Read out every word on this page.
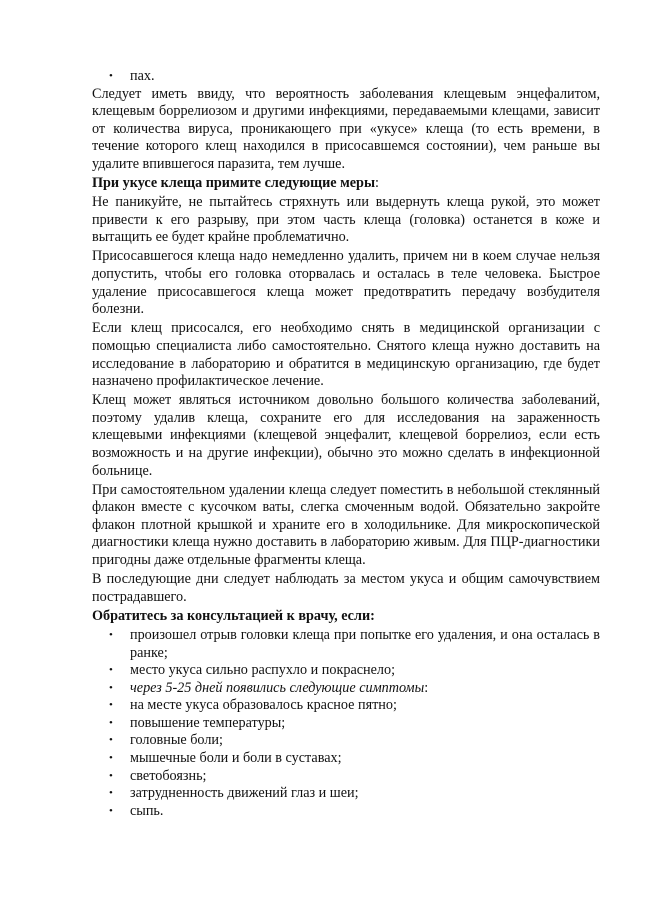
• пах.

Следует иметь ввиду, что вероятность заболевания клещевым энцефалитом, клещевым боррелиозом и другими инфекциями, передаваемыми клещами, зависит от количества вируса, проникающего при «укусе» клеща (то есть времени, в течение которого клещ находился в присосавшемся состоянии), чем раньше вы удалите впившегося паразита, тем лучше.

При укусе клеща примите следующие меры:

Не паникуйте, не пытайтесь стряхнуть или выдернуть клеща рукой, это может привести к его разрыву, при этом часть клеща (головка) останется в коже и вытащить ее будет крайне проблематично.

Присосавшегося клеща надо немедленно удалить, причем ни в коем случае нельзя допустить, чтобы его головка оторвалась и осталась в теле человека. Быстрое удаление присосавшегося клеща может предотвратить передачу возбудителя болезни.

Если клещ присосался, его необходимо снять в медицинской организации с помощью специалиста либо самостоятельно. Снятого клеща нужно доставить на исследование в лабораторию и обратится в медицинскую организацию, где будет назначено профилактическое лечение.

Клещ может являться источником довольно большого количества заболеваний, поэтому удалив клеща, сохраните его для исследования на зараженность клещевыми инфекциями (клещевой энцефалит, клещевой боррелиоз, если есть возможность и на другие инфекции), обычно это можно сделать в инфекционной больнице.

При самостоятельном удалении клеща следует поместить в небольшой стеклянный флакон вместе с кусочком ваты, слегка смоченным водой. Обязательно закройте флакон плотной крышкой и храните его в холодильнике. Для микроскопической диагностики клеща нужно доставить в лабораторию живым. Для ПЦР-диагностики пригодны даже отдельные фрагменты клеща.

В последующие дни следует наблюдать за местом укуса и общим самочувствием пострадавшего.

Обратитесь за консультацией к врачу, если:

• произошел отрыв головки клеща при попытке его удаления, и она осталась в ранке;
• место укуса сильно распухло и покраснело;
• через 5-25 дней появились следующие симптомы:
• на месте укуса образовалось красное пятно;
• повышение температуры;
• головные боли;
• мышечные боли и боли в суставах;
• светобоязнь;
• затрудненность движений глаз и шеи;
• сыпь.
